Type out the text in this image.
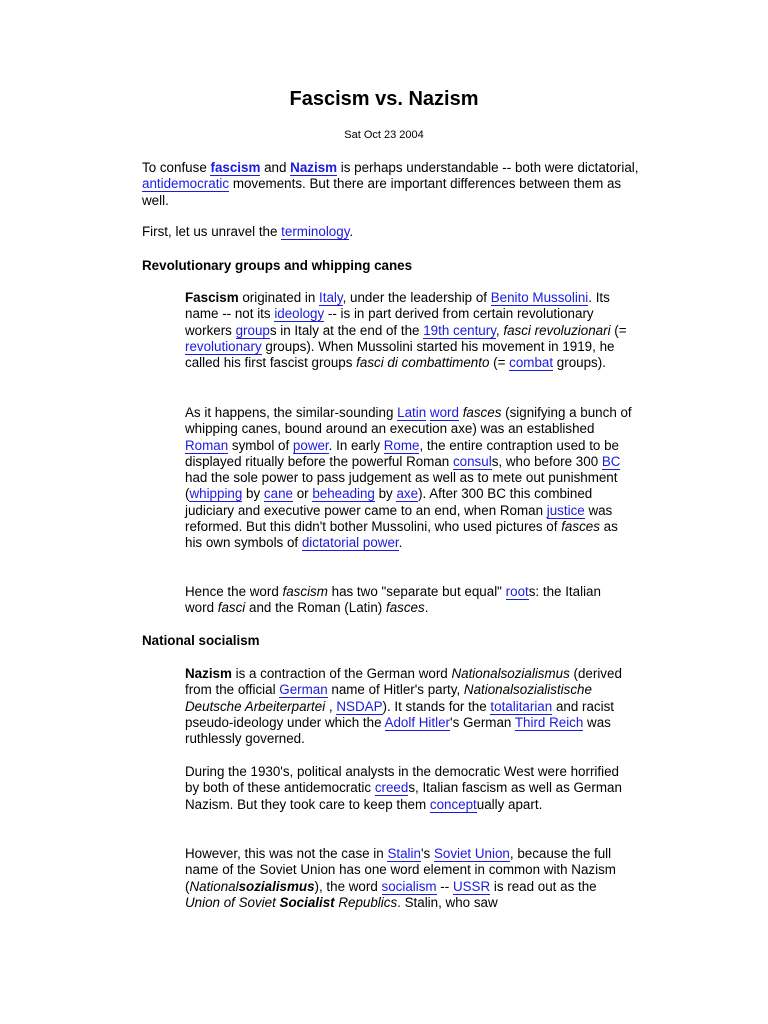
Fascism vs. Nazism
Sat Oct 23 2004

To confuse fascism and Nazism is perhaps understandable -- both were dictatorial, antidemocratic movements. But there are important differences between them as well.

First, let us unravel the terminology.

Revolutionary groups and whipping canes

Fascism originated in Italy, under the leadership of Benito Mussolini. Its name -- not its ideology -- is in part derived from certain revolutionary workers groups in Italy at the end of the 19th century, fasci revoluzionari (= revolutionary groups). When Mussolini started his movement in 1919, he called his first fascist groups fasci di combattimento (= combat groups).

As it happens, the similar-sounding Latin word fasces (signifying a bunch of whipping canes, bound around an execution axe) was an established Roman symbol of power. In early Rome, the entire contraption used to be displayed ritually before the powerful Roman consuls, who before 300 BC had the sole power to pass judgement as well as to mete out punishment (whipping by cane or beheading by axe). After 300 BC this combined judiciary and executive power came to an end, when Roman justice was reformed. But this didn't bother Mussolini, who used pictures of fasces as his own symbols of dictatorial power.

Hence the word fascism has two "separate but equal" roots: the Italian word fasci and the Roman (Latin) fasces.

National socialism

Nazism is a contraction of the German word Nationalsozialismus (derived from the official German name of Hitler's party, Nationalsozialistische Deutsche Arbeiterpartei , NSDAP). It stands for the totalitarian and racist pseudo-ideology under which the Adolf Hitler's German Third Reich was ruthlessly governed.

During the 1930's, political analysts in the democratic West were horrified by both of these antidemocratic creeds, Italian fascism as well as German Nazism. But they took care to keep them conceptually apart.

However, this was not the case in Stalin's Soviet Union, because the full name of the Soviet Union has one word element in common with Nazism (Nationalsozialismus), the word socialism -- USSR is read out as the Union of Soviet Socialist Republics. Stalin, who saw
